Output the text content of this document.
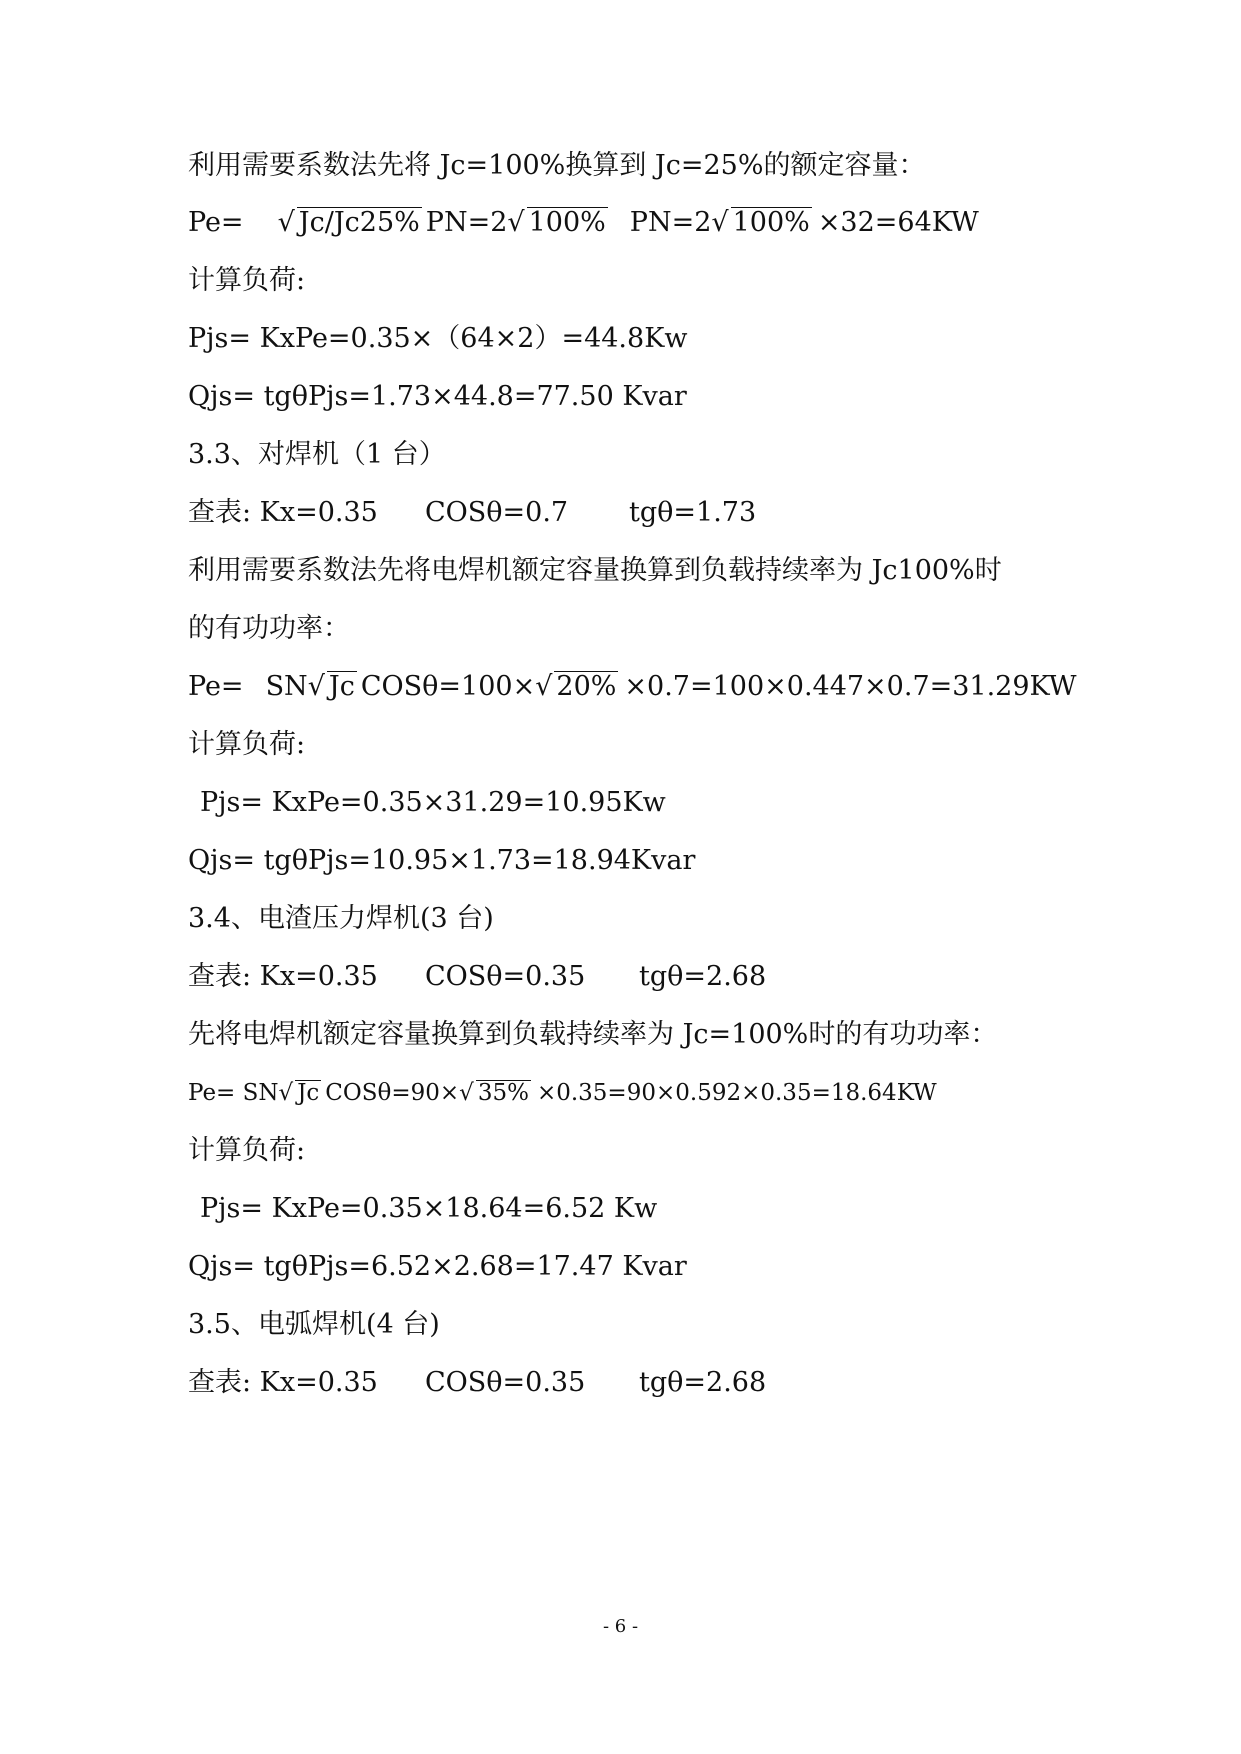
利用需要系数法先将 Jc=100%换算到 Jc=25%的额定容量：
Pe= √ Jc/Jc25% PN=2√ 100% PN=2√ 100% ×32=64KW
计算负荷:
Pjs= KxPe=0.35×（64×2）=44.8Kw
Qjs= tgθPjs=1.73×44.8=77.50 Kvar
3.3、对焊机（1 台）
查表: Kx=0.35 COSθ=0.7 tgθ=1.73
利用需要系数法先将电焊机额定容量换算到负载持续率为 Jc100%时
的有功功率：
Pe= SN√ Jc COSθ=100×√ 20% ×0.7=100×0.447×0.7=31.29KW
计算负荷:
Pjs= KxPe=0.35×31.29=10.95Kw
Qjs= tgθPjs=10.95×1.73=18.94Kvar
3.4、电渣压力焊机(3 台)
查表: Kx=0.35 COSθ=0.35 tgθ=2.68
先将电焊机额定容量换算到负载持续率为 Jc=100%时的有功功率：
Pe= SN√ Jc COSθ=90×√ 35% ×0.35=90×0.592×0.35=18.64KW
计算负荷:
Pjs= KxPe=0.35×18.64=6.52 Kw
Qjs= tgθPjs=6.52×2.68=17.47 Kvar
3.5、电弧焊机(4 台)
查表: Kx=0.35 COSθ=0.35 tgθ=2.68
- 6 -
